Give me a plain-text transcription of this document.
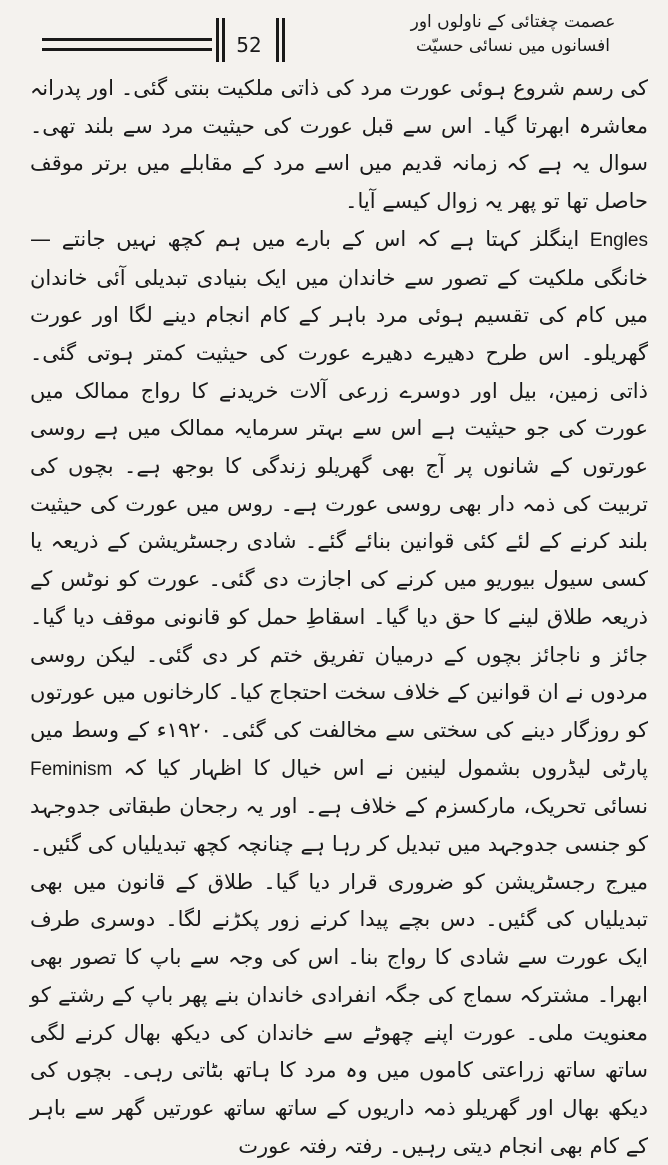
52
عصمت چغتائی کے ناولوں اور
افسانوں میں نسائی حسیّت

کی رسم شروع ہوئی عورت مرد کی ذاتی ملکیت بنتی گئی۔ اور پدرانہ معاشرہ ابھرتا گیا۔ اس سے قبل عورت کی حیثیت مرد سے بلند تھی۔ سوال یہ ہے کہ زمانہ قدیم میں اسے مرد کے مقابلے میں برتر موقف حاصل تھا تو پھر یہ زوال کیسے آیا۔

Engles اینگلز کہتا ہے کہ اس کے بارے میں ہم کچھ نہیں جانتے — خانگی ملکیت کے تصور سے خاندان میں ایک بنیادی تبدیلی آئی خاندان میں کام کی تقسیم ہوئی مرد باہر کے کام انجام دینے لگا اور عورت گھریلو۔ اس طرح دھیرے دھیرے عورت کی حیثیت کمتر ہوتی گئی۔ ذاتی زمین، بیل اور دوسرے زرعی آلات خریدنے کا رواج ممالک میں عورت کی جو حیثیت ہے اس سے بہتر سرمایہ ممالک میں ہے روسی عورتوں کے شانوں پر آج بھی گھریلو زندگی کا بوجھ ہے۔ بچوں کی تربیت کی ذمہ دار بھی روسی عورت ہے۔ روس میں عورت کی حیثیت بلند کرنے کے لئے کئی قوانین بنائے گئے۔ شادی رجسٹریشن کے ذریعہ یا کسی سیول بیوریو میں کرنے کی اجازت دی گئی۔ عورت کو نوٹس کے ذریعہ طلاق لینے کا حق دیا گیا۔ اسقاطِ حمل کو قانونی موقف دیا گیا۔ جائز و ناجائز بچوں کے درمیان تفریق ختم کر دی گئی۔ لیکن روسی مردوں نے ان قوانین کے خلاف سخت احتجاج کیا۔ کارخانوں میں عورتوں کو روزگار دینے کی سختی سے مخالفت کی گئی۔ ۱۹۲۰ء کے وسط میں پارٹی لیڈروں بشمول لینین نے اس خیال کا اظہار کیا کہ Feminism نسائی تحریک، مارکسزم کے خلاف ہے۔ اور یہ رجحان طبقاتی جدوجہد کو جنسی جدوجہد میں تبدیل کر رہا ہے چنانچہ کچھ تبدیلیاں کی گئیں۔ میرج رجسٹریشن کو ضروری قرار دیا گیا۔ طلاق کے قانون میں بھی تبدیلیاں کی گئیں۔ دس بچے پیدا کرنے زور پکڑنے لگا۔ دوسری طرف ایک عورت سے شادی کا رواج بنا۔ اس کی وجہ سے باپ کا تصور بھی ابھرا۔ مشترکہ سماج کی جگہ انفرادی خاندان بنے پھر باپ کے رشتے کو معنویت ملی۔ عورت اپنے چھوٹے سے خاندان کی دیکھ بھال کرنے لگی ساتھ ساتھ زراعتی کاموں میں وہ مرد کا ہاتھ بٹاتی رہی۔ بچوں کی دیکھ بھال اور گھریلو ذمہ داریوں کے ساتھ ساتھ عورتیں گھر سے باہر کے کام بھی انجام دیتی رہیں۔ رفتہ رفتہ عورت
